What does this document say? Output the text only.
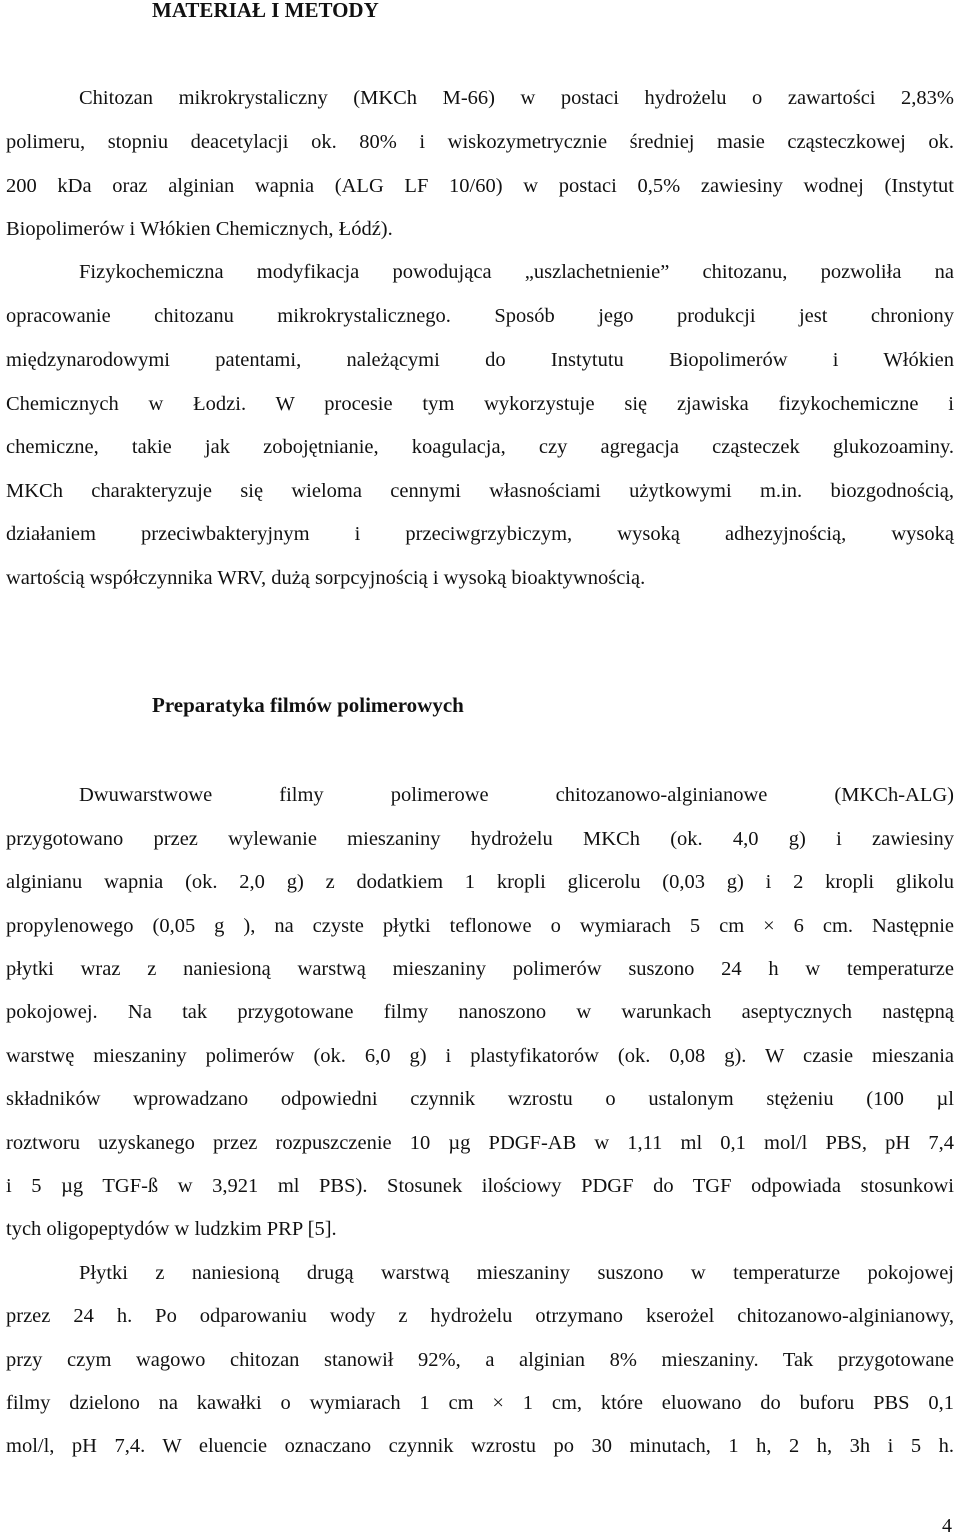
MATERIAŁ I METODY
Chitozan mikrokrystaliczny (MKCh M-66) w postaci hydrożelu o zawartości 2,83%
polimeru, stopniu deacetylacji ok. 80% i wiskozymetrycznie średniej masie cząsteczkowej ok.
200 kDa oraz alginian wapnia (ALG LF 10/60) w postaci 0,5% zawiesiny wodnej (Instytut
Biopolimerów i Włókien Chemicznych, Łódź).
Fizykochemiczna modyfikacja powodująca „uszlachetnienie” chitozanu, pozwoliła na
opracowanie chitozanu mikrokrystalicznego. Sposób jego produkcji jest chroniony
międzynarodowymi patentami, należącymi do Instytutu Biopolimerów i Włókien
Chemicznych w Łodzi. W procesie tym wykorzystuje się zjawiska fizykochemiczne i
chemiczne, takie jak zobojętnianie, koagulacja, czy agregacja cząsteczek glukozoaminy.
MKCh charakteryzuje się wieloma cennymi własnościami użytkowymi m.in. biozgodnością,
działaniem przeciwbakteryjnym i przeciwgrzybiczym, wysoką adhezyjnością, wysoką
wartością współczynnika WRV, dużą sorpcyjnością i wysoką bioaktywnością.
Preparatyka filmów polimerowych
Dwuwarstwowe filmy polimerowe chitozanowo-alginianowe (MKCh-ALG)
przygotowano przez wylewanie mieszaniny hydrożelu MKCh (ok. 4,0 g) i zawiesiny
alginianu wapnia (ok. 2,0 g) z dodatkiem 1 kropli glicerolu (0,03 g) i 2 kropli glikolu
propylenowego (0,05 g ), na czyste płytki teflonowe o wymiarach 5 cm × 6 cm. Następnie
płytki wraz z naniesioną warstwą mieszaniny polimerów suszono 24 h w temperaturze
pokojowej. Na tak przygotowane filmy nanoszono w warunkach aseptycznych następną
warstwę mieszaniny polimerów (ok. 6,0 g) i plastyfikatorów (ok. 0,08 g). W czasie mieszania
składników wprowadzano odpowiedni czynnik wzrostu o ustalonym stężeniu (100 µl
roztworu uzyskanego przez rozpuszczenie 10 µg PDGF-AB w 1,11 ml 0,1 mol/l PBS, pH 7,4
i 5 µg TGF-ß w 3,921 ml PBS). Stosunek ilościowy PDGF do TGF odpowiada stosunkowi
tych oligopeptydów w ludzkim PRP [5].
Płytki z naniesioną drugą warstwą mieszaniny suszono w temperaturze pokojowej
przez 24 h. Po odparowaniu wody z hydrożelu otrzymano kserożel chitozanowo-alginianowy,
przy czym wagowo chitozan stanowił 92%, a alginian 8% mieszaniny. Tak przygotowane
filmy dzielono na kawałki o wymiarach 1 cm × 1 cm, które eluowano do buforu PBS 0,1
mol/l, pH 7,4. W eluencie oznaczano czynnik wzrostu po 30 minutach, 1 h, 2 h, 3h i 5 h.
4
